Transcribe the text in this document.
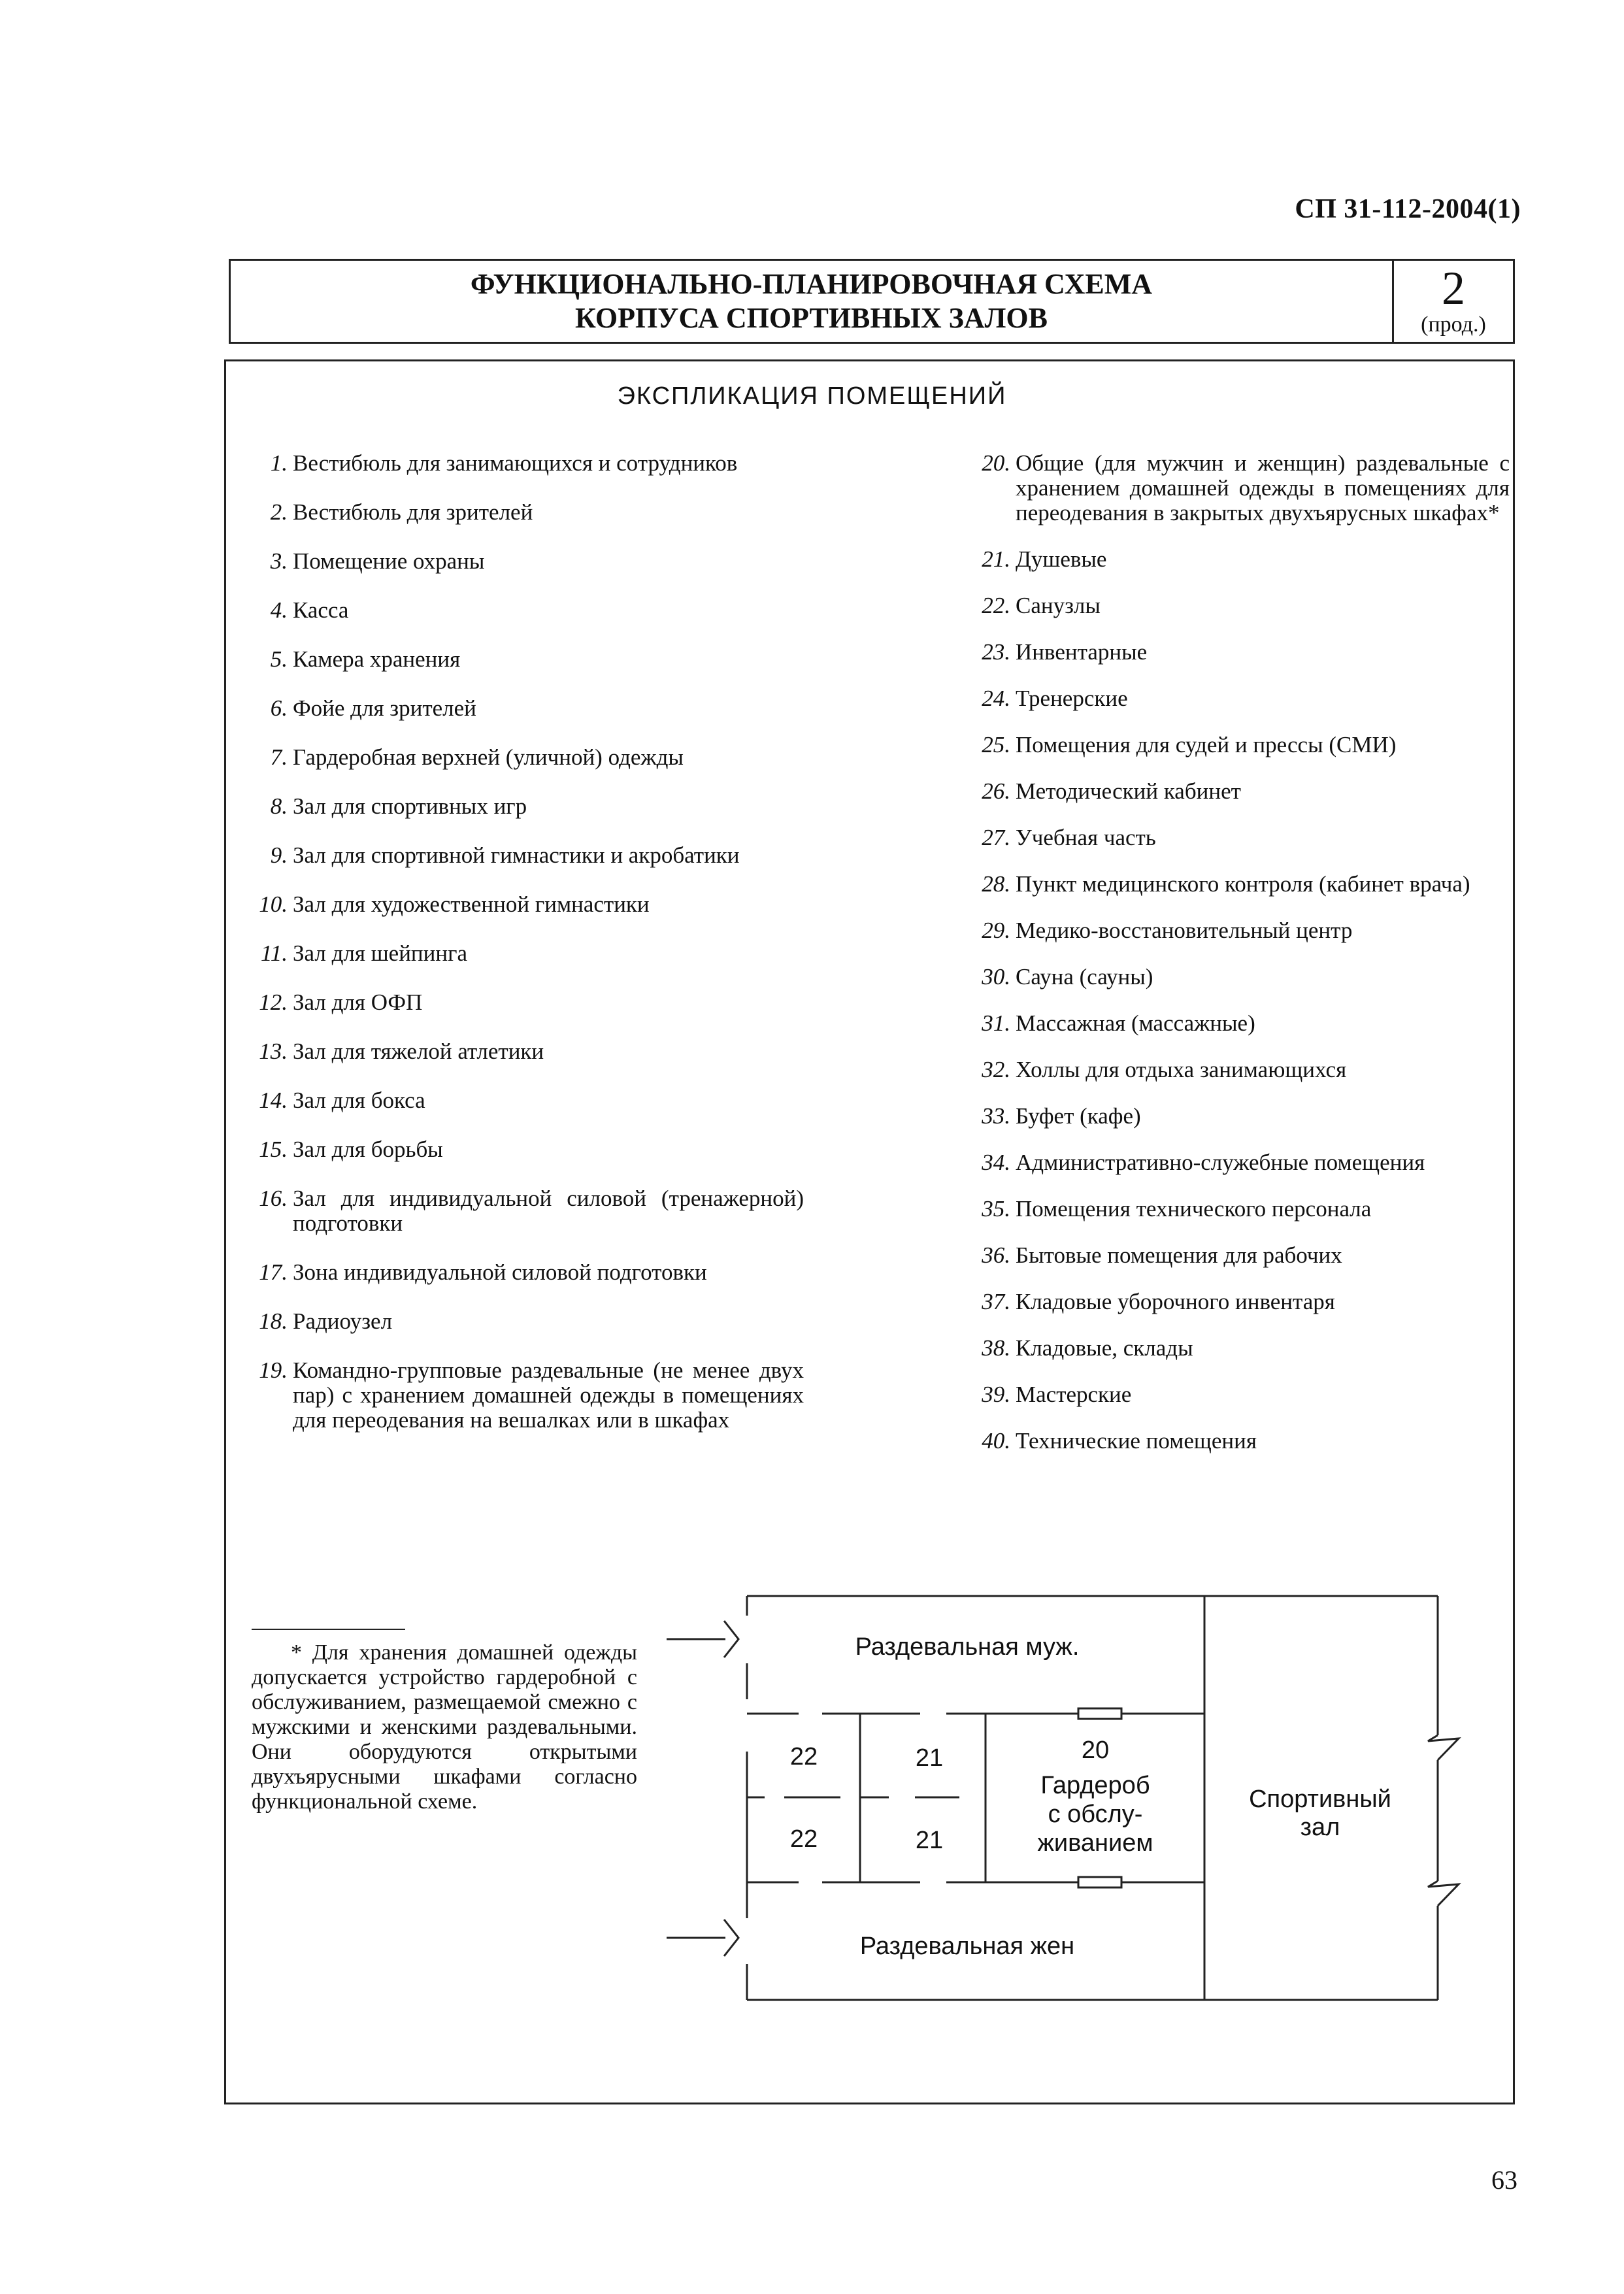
СП 31-112-2004(1)
ФУНКЦИОНАЛЬНО-ПЛАНИРОВОЧНАЯ СХЕМА
КОРПУСА СПОРТИВНЫХ ЗАЛОВ
2
(прод.)
ЭКСПЛИКАЦИЯ ПОМЕЩЕНИЙ
1. Вестибюль для занимающихся и сотрудников
2. Вестибюль для зрителей
3. Помещение охраны
4. Касса
5. Камера хранения
6. Фойе для зрителей
7. Гардеробная верхней (уличной) одежды
8. Зал для спортивных игр
9. Зал для спортивной гимнастики и акробатики
10. Зал для художественной гимнастики
11. Зал для шейпинга
12. Зал для ОФП
13. Зал для тяжелой атлетики
14. Зал для бокса
15. Зал для борьбы
16. Зал для индивидуальной силовой (тренажерной) подготовки
17. Зона индивидуальной силовой подготовки
18. Радиоузел
19. Командно-групповые раздевальные (не менее двух пар) с хранением домашней одежды в помещениях для переодевания на вешалках или в шкафах
20. Общие (для мужчин и женщин) раздевальные с хранением домашней одежды в помещениях для переодевания в закрытых двухъярусных шкафах*
21. Душевые
22. Санузлы
23. Инвентарные
24. Тренерские
25. Помещения для судей и прессы (СМИ)
26. Методический кабинет
27. Учебная часть
28. Пункт медицинского контроля (кабинет врача)
29. Медико-восстановительный центр
30. Сауна (сауны)
31. Массажная (массажные)
32. Холлы для отдыха занимающихся
33. Буфет (кафе)
34. Административно-служебные помещения
35. Помещения технического персонала
36. Бытовые помещения для рабочих
37. Кладовые уборочного инвентаря
38. Кладовые, склады
39. Мастерские
40. Технические помещения
* Для хранения домашней одежды допускается устройство гардеробной с обслуживанием, размещаемой смежно с мужскими и женскими раздевальными. Они оборудуются открытыми двухъярусными шкафами согласно функциональной схеме.
Раздевальная муж.
Раздевальная жен
22
22
21
21
20
Гардероб
с обслу-
живанием
Спортивный
зал
63
